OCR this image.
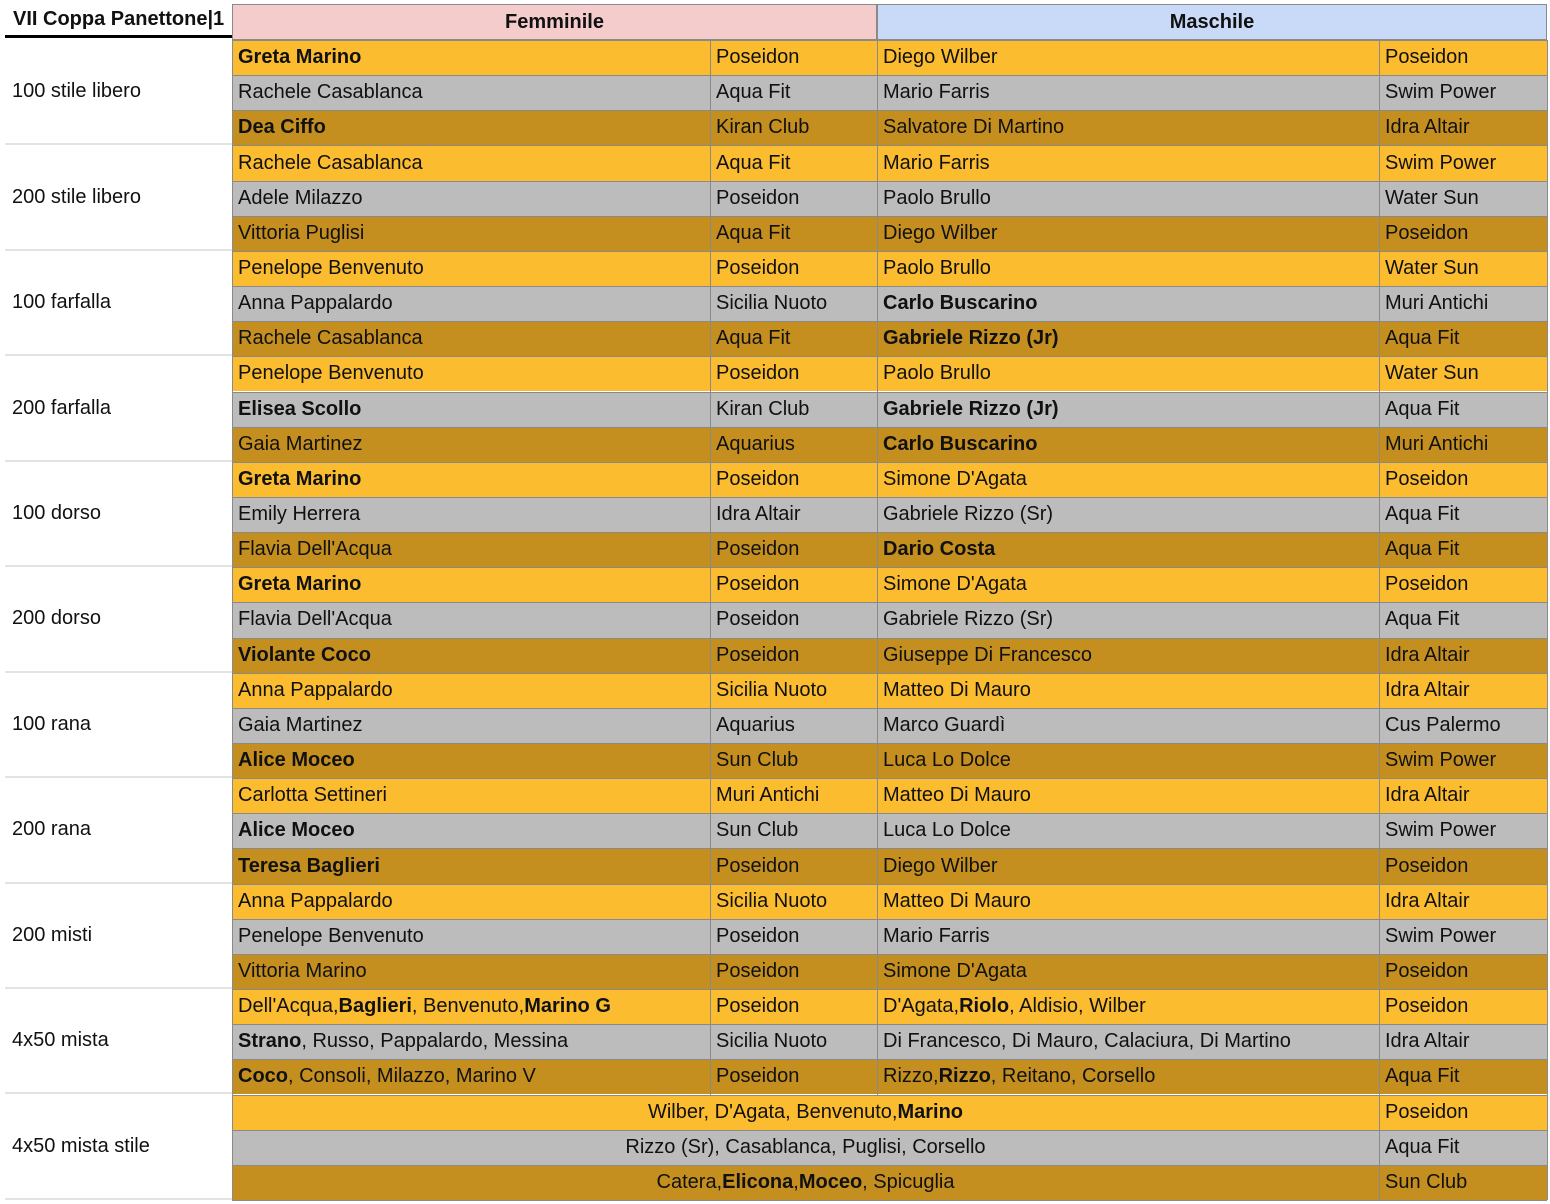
VII Coppa Panettone|1	Femminile	Maschile
100 stile libero
Greta Marino	Poseidon	Diego Wilber	Poseidon
Rachele Casablanca	Aqua Fit	Mario Farris	Swim Power
Dea Ciffo	Kiran Club	Salvatore Di Martino	Idra Altair
200 stile libero
Rachele Casablanca	Aqua Fit	Mario Farris	Swim Power
Adele Milazzo	Poseidon	Paolo Brullo	Water Sun
Vittoria Puglisi	Aqua Fit	Diego Wilber	Poseidon
100 farfalla
Penelope Benvenuto	Poseidon	Paolo Brullo	Water Sun
Anna Pappalardo	Sicilia Nuoto	Carlo Buscarino	Muri Antichi
Rachele Casablanca	Aqua Fit	Gabriele Rizzo (Jr)	Aqua Fit
200 farfalla
Penelope Benvenuto	Poseidon	Paolo Brullo	Water Sun
Elisea Scollo	Kiran Club	Gabriele Rizzo (Jr)	Aqua Fit
Gaia Martinez	Aquarius	Carlo Buscarino	Muri Antichi
100 dorso
Greta Marino	Poseidon	Simone D'Agata	Poseidon
Emily Herrera	Idra Altair	Gabriele Rizzo (Sr)	Aqua Fit
Flavia Dell'Acqua	Poseidon	Dario Costa	Aqua Fit
200 dorso
Greta Marino	Poseidon	Simone D'Agata	Poseidon
Flavia Dell'Acqua	Poseidon	Gabriele Rizzo (Sr)	Aqua Fit
Violante Coco	Poseidon	Giuseppe Di Francesco	Idra Altair
100 rana
Anna Pappalardo	Sicilia Nuoto	Matteo Di Mauro	Idra Altair
Gaia Martinez	Aquarius	Marco Guardì	Cus Palermo
Alice Moceo	Sun Club	Luca Lo Dolce	Swim Power
200 rana
Carlotta Settineri	Muri Antichi	Matteo Di Mauro	Idra Altair
Alice Moceo	Sun Club	Luca Lo Dolce	Swim Power
Teresa Baglieri	Poseidon	Diego Wilber	Poseidon
200 misti
Anna Pappalardo	Sicilia Nuoto	Matteo Di Mauro	Idra Altair
Penelope Benvenuto	Poseidon	Mario Farris	Swim Power
Vittoria Marino	Poseidon	Simone D'Agata	Poseidon
4x50 mista
Dell'Acqua, Baglieri , Benvenuto, Marino G	Poseidon	D'Agata, Riolo , Aldisio, Wilber	Poseidon
Strano , Russo, Pappalardo, Messina	Sicilia Nuoto	Di Francesco, Di Mauro, Calaciura, Di Martino	Idra Altair
Coco , Consoli, Milazzo, Marino V	Poseidon	Rizzo, Rizzo , Reitano, Corsello	Aqua Fit
4x50 mista stile
Wilber, D'Agata, Benvenuto, Marino	Poseidon
Rizzo (Sr), Casablanca, Puglisi, Corsello	Aqua Fit
Catera, Elicona , Moceo , Spicuglia	Sun Club
